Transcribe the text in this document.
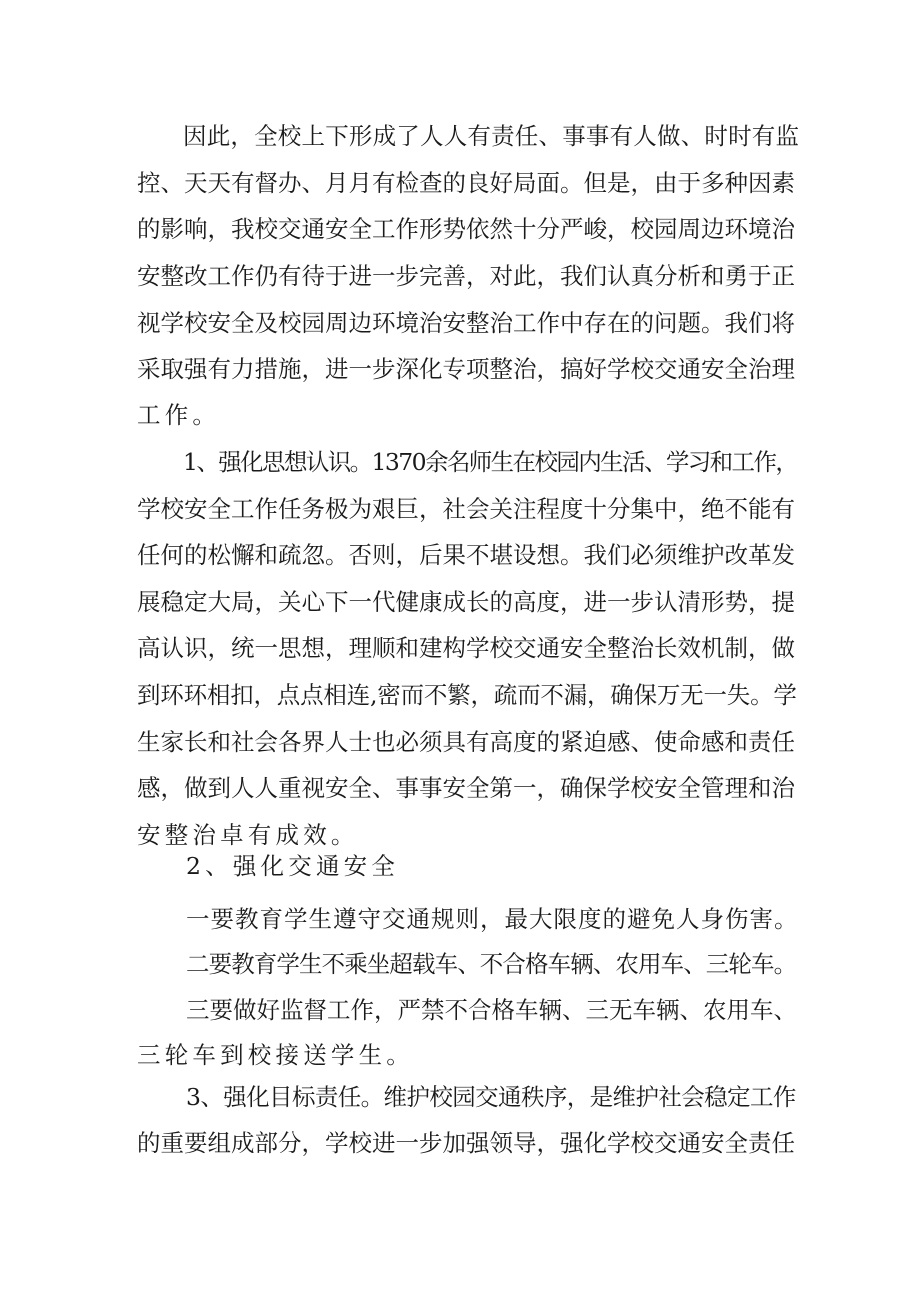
因此，全校上下形成了人人有责任、事事有人做、时时有监
控、天天有督办、月月有检查的良好局面。但是，由于多种因素
的影响，我校交通安全工作形势依然十分严峻，校园周边环境治
安整改工作仍有待于进一步完善，对此，我们认真分析和勇于正
视学校安全及校园周边环境治安整治工作中存在的问题。我们将
采取强有力措施，进一步深化专项整治，搞好学校交通安全治理
工作。
1、强化思想认识。1370余名师生在校园内生活、学习和工作，
学校安全工作任务极为艰巨，社会关注程度十分集中，绝不能有
任何的松懈和疏忽。否则，后果不堪设想。我们必须维护改革发
展稳定大局，关心下一代健康成长的高度，进一步认清形势，提
高认识，统一思想，理顺和建构学校交通安全整治长效机制，做
到环环相扣，点点相连,密而不繁，疏而不漏，确保万无一失。学
生家长和社会各界人士也必须具有高度的紧迫感、使命感和责任
感，做到人人重视安全、事事安全第一，确保学校安全管理和治
安整治卓有成效。
2、强化交通安全
一要教育学生遵守交通规则，最大限度的避免人身伤害。
二要教育学生不乘坐超载车、不合格车辆、农用车、三轮车。
三要做好监督工作，严禁不合格车辆、三无车辆、农用车、
三轮车到校接送学生。
3、强化目标责任。维护校园交通秩序，是维护社会稳定工作
的重要组成部分，学校进一步加强领导，强化学校交通安全责任
